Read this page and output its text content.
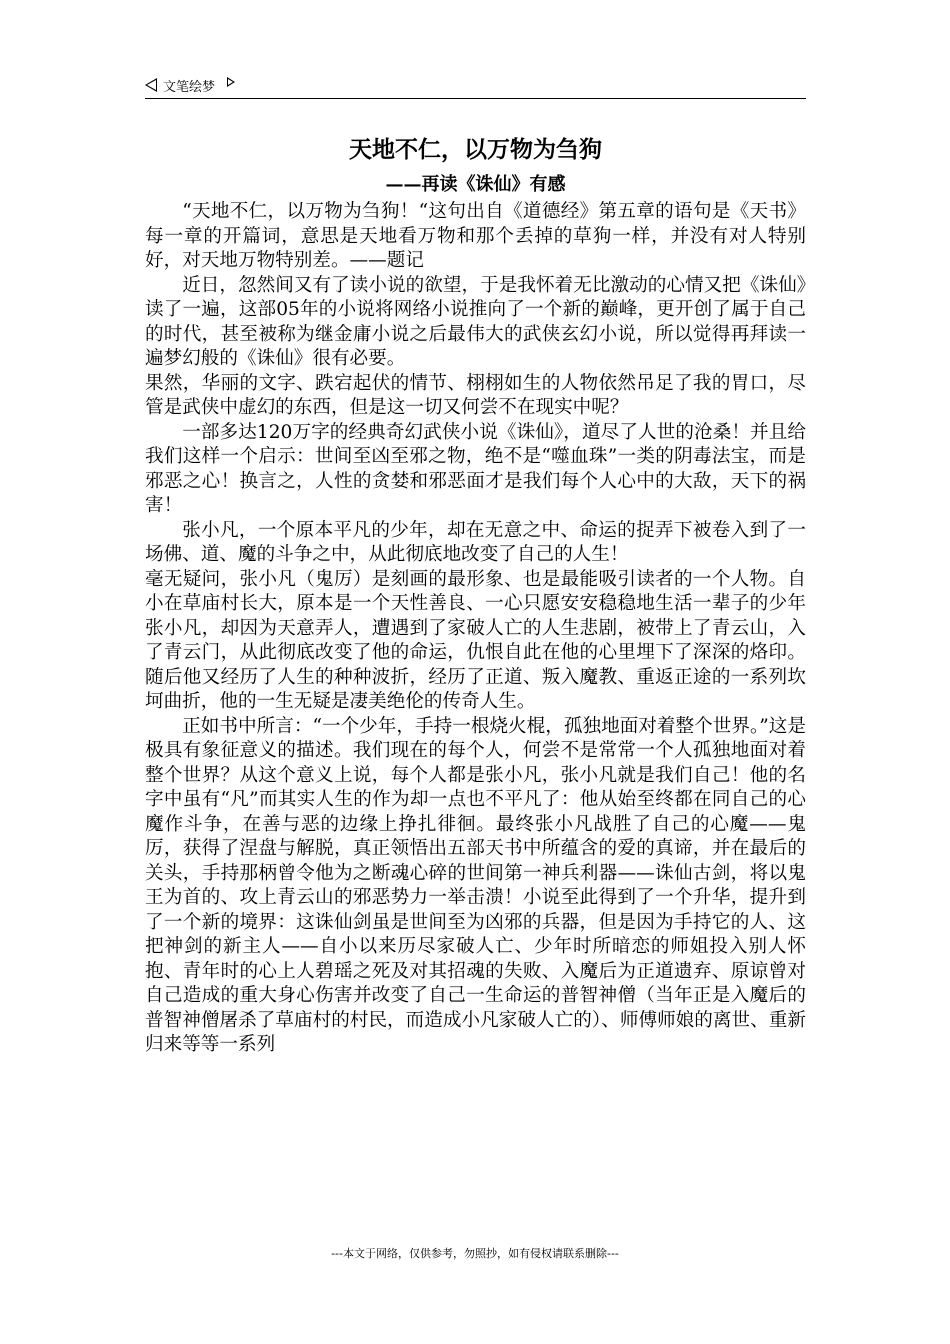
文笔绘梦
天地不仁，以万物为刍狗
——再读《诛仙》有感

“天地不仁，以万物为刍狗！“这句出自《道德经》第五章的语句是《天书》每一章的开篇词，意思是天地看万物和那个丢掉的草狗一样，并没有对人特别好，对天地万物特别差。——题记

近日，忽然间又有了读小说的欲望，于是我怀着无比激动的心情又把《诛仙》读了一遍，这部05年的小说将网络小说推向了一个新的巅峰，更开创了属于自己的时代，甚至被称为继金庸小说之后最伟大的武侠玄幻小说，所以觉得再拜读一遍梦幻般的《诛仙》很有必要。

果然，华丽的文字、跌宕起伏的情节、栩栩如生的人物依然吊足了我的胃口，尽管是武侠中虚幻的东西，但是这一切又何尝不在现实中呢？

一部多达120万字的经典奇幻武侠小说《诛仙》，道尽了人世的沧桑！并且给我们这样一个启示：世间至凶至邪之物，绝不是“噬血珠”一类的阴毒法宝，而是邪恶之心！换言之，人性的贪婪和邪恶面才是我们每个人心中的大敌，天下的祸害！

张小凡，一个原本平凡的少年，却在无意之中、命运的捉弄下被卷入到了一场佛、道、魔的斗争之中，从此彻底地改变了自己的人生！

毫无疑问，张小凡（鬼厉）是刻画的最形象、也是最能吸引读者的一个人物。自小在草庙村长大，原本是一个天性善良、一心只愿安安稳稳地生活一辈子的少年张小凡，却因为天意弄人，遭遇到了家破人亡的人生悲剧，被带上了青云山，入了青云门，从此彻底改变了他的命运，仇恨自此在他的心里埋下了深深的烙印。随后他又经历了人生的种种波折，经历了正道、叛入魔教、重返正途的一系列坎坷曲折，他的一生无疑是凄美绝伦的传奇人生。

正如书中所言：“一个少年，手持一根烧火棍，孤独地面对着整个世界。”这是极具有象征意义的描述。我们现在的每个人，何尝不是常常一个人孤独地面对着整个世界？从这个意义上说，每个人都是张小凡，张小凡就是我们自己！他的名字中虽有“凡”而其实人生的作为却一点也不平凡了：他从始至终都在同自己的心魔作斗争，在善与恶的边缘上挣扎徘徊。最终张小凡战胜了自己的心魔——鬼厉，获得了涅盘与解脱，真正领悟出五部天书中所蕴含的爱的真谛，并在最后的关头，手持那柄曾令他为之断魂心碎的世间第一神兵利器——诛仙古剑，将以鬼王为首的、攻上青云山的邪恶势力一举击溃！小说至此得到了一个升华，提升到了一个新的境界：这诛仙剑虽是世间至为凶邪的兵器，但是因为手持它的人、这把神剑的新主人——自小以来历尽家破人亡、少年时所暗恋的师姐投入别人怀抱、青年时的心上人碧瑶之死及对其招魂的失败、入魔后为正道遗弃、原谅曾对自己造成的重大身心伤害并改变了自己一生命运的普智神僧（当年正是入魔后的普智神僧屠杀了草庙村的村民，而造成小凡家破人亡的）、师傅师娘的离世、重新归来等等一系列

---本文于网络，仅供参考，勿照抄，如有侵权请联系删除---
